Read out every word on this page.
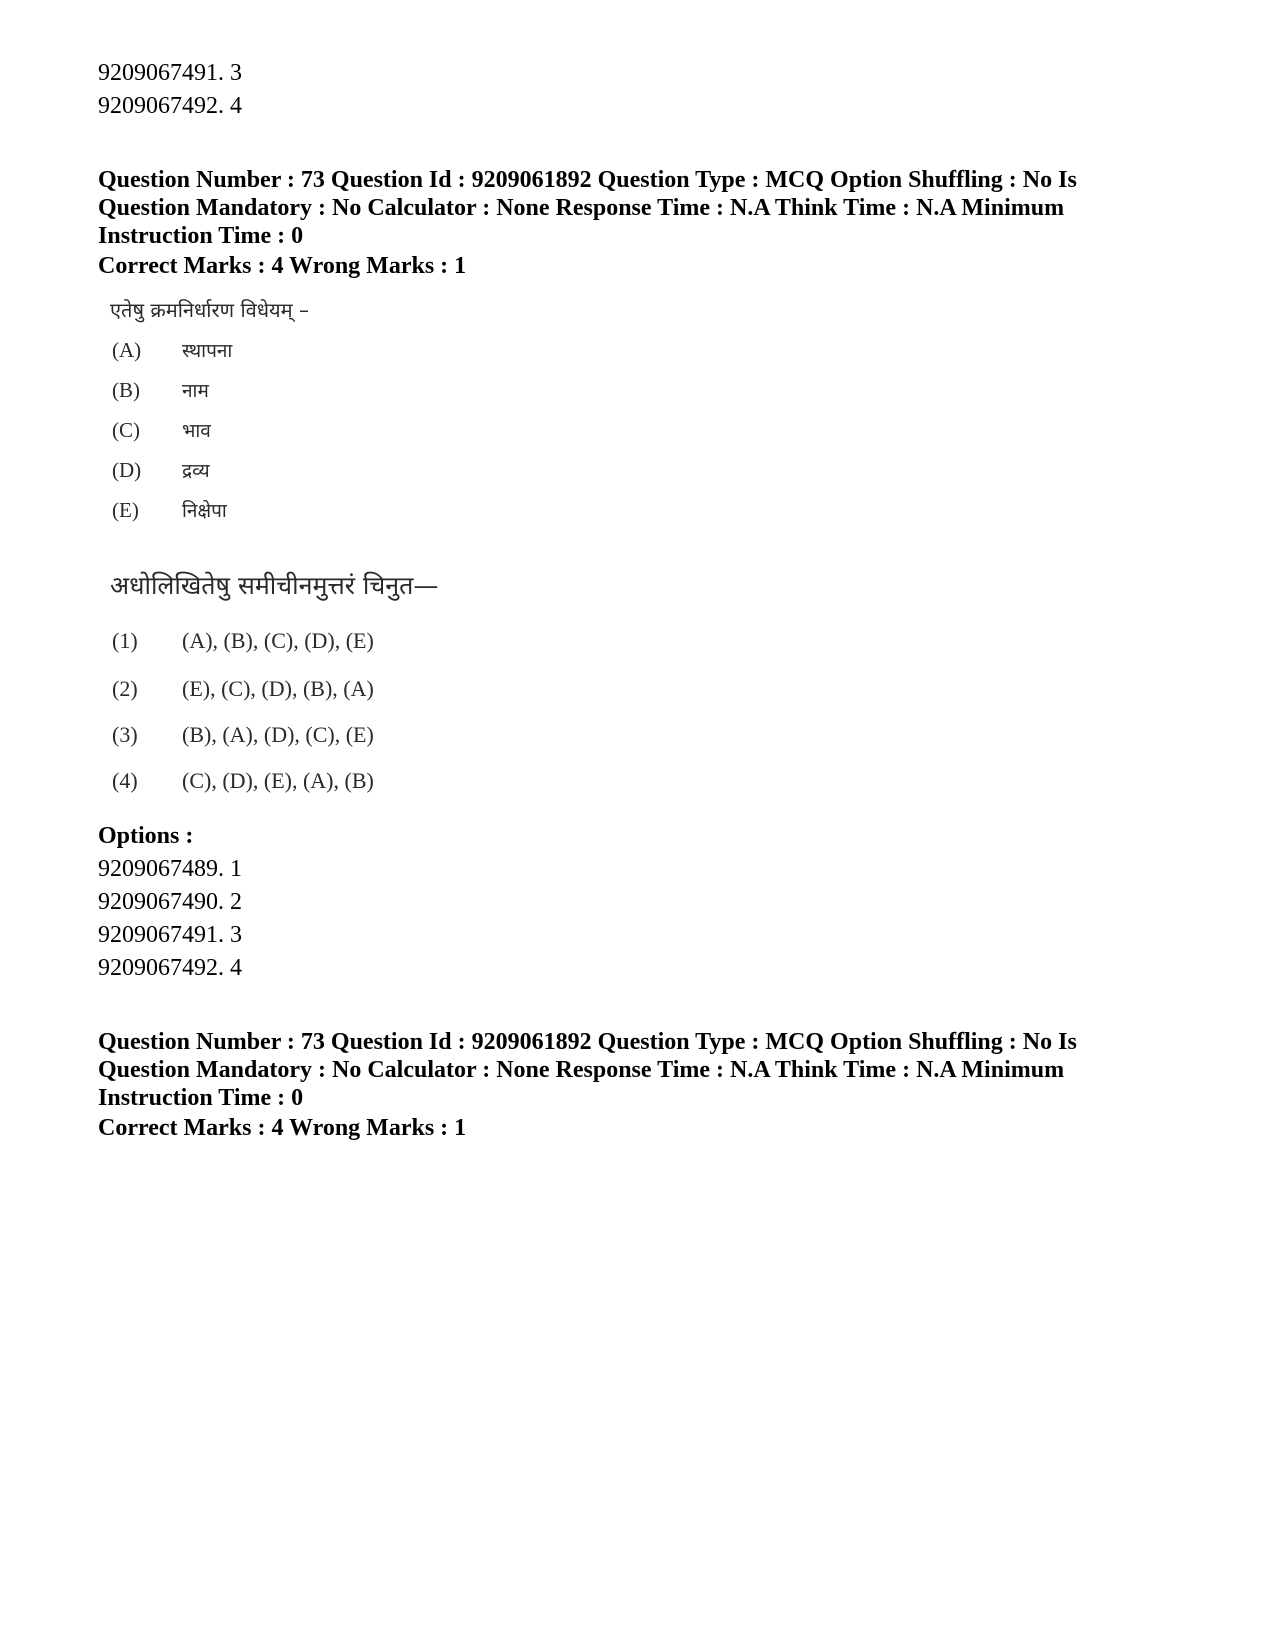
9209067491. 3
9209067492. 4
Question Number : 73 Question Id : 9209061892 Question Type : MCQ Option Shuffling : No Is
Question Mandatory : No Calculator : None Response Time : N.A Think Time : N.A Minimum
Instruction Time : 0
Correct Marks : 4 Wrong Marks : 1
एतेषु क्रमनिर्धारण विधेयम् –
(A) स्थापना
(B) नाम
(C) भाव
(D) द्रव्य
(E) निक्षेपा
अधोलिखितेषु समीचीनमुत्तरं चिनुत—
(1) (A), (B), (C), (D), (E)
(2) (E), (C), (D), (B), (A)
(3) (B), (A), (D), (C), (E)
(4) (C), (D), (E), (A), (B)
Options :
9209067489. 1
9209067490. 2
9209067491. 3
9209067492. 4
Question Number : 73 Question Id : 9209061892 Question Type : MCQ Option Shuffling : No Is
Question Mandatory : No Calculator : None Response Time : N.A Think Time : N.A Minimum
Instruction Time : 0
Correct Marks : 4 Wrong Marks : 1
